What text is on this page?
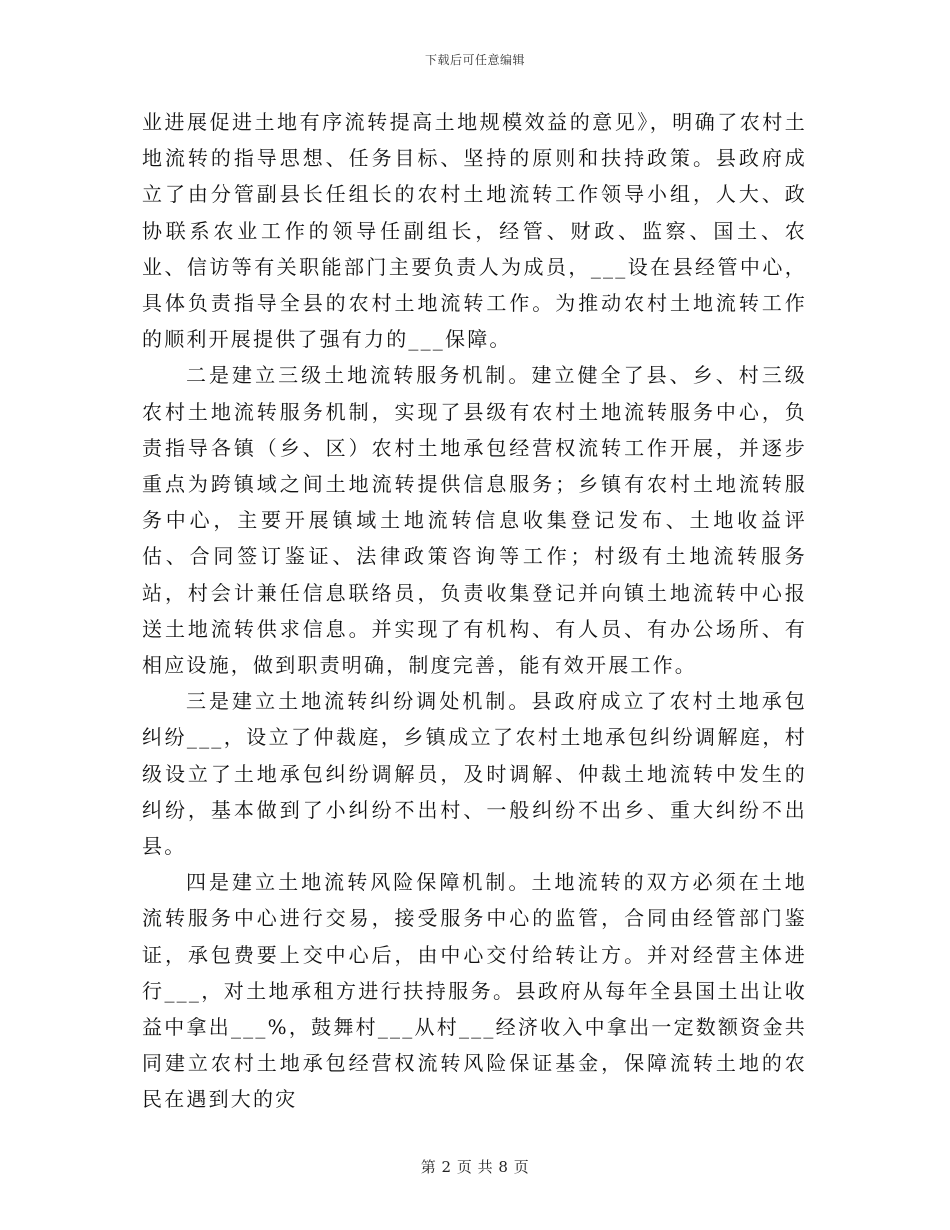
下载后可任意编辑

业进展促进土地有序流转提高土地规模效益的意见》，明确了农村土地流转的指导思想、任务目标、坚持的原则和扶持政策。县政府成立了由分管副县长任组长的农村土地流转工作领导小组，人大、政协联系农业工作的领导任副组长，经管、财政、监察、国土、农业、信访等有关职能部门主要负责人为成员，___设在县经管中心，具体负责指导全县的农村土地流转工作。为推动农村土地流转工作的顺利开展提供了强有力的___保障。

二是建立三级土地流转服务机制。建立健全了县、乡、村三级农村土地流转服务机制，实现了县级有农村土地流转服务中心，负责指导各镇（乡、区）农村土地承包经营权流转工作开展，并逐步重点为跨镇域之间土地流转提供信息服务；乡镇有农村土地流转服务中心，主要开展镇域土地流转信息收集登记发布、土地收益评估、合同签订鉴证、法律政策咨询等工作；村级有土地流转服务站，村会计兼任信息联络员，负责收集登记并向镇土地流转中心报送土地流转供求信息。并实现了有机构、有人员、有办公场所、有相应设施，做到职责明确，制度完善，能有效开展工作。

三是建立土地流转纠纷调处机制。县政府成立了农村土地承包纠纷___，设立了仲裁庭，乡镇成立了农村土地承包纠纷调解庭，村级设立了土地承包纠纷调解员，及时调解、仲裁土地流转中发生的纠纷，基本做到了小纠纷不出村、一般纠纷不出乡、重大纠纷不出县。

四是建立土地流转风险保障机制。土地流转的双方必须在土地流转服务中心进行交易，接受服务中心的监管，合同由经管部门鉴证，承包费要上交中心后，由中心交付给转让方。并对经营主体进行___，对土地承租方进行扶持服务。县政府从每年全县国土出让收益中拿出___%，鼓舞村___从村___经济收入中拿出一定数额资金共同建立农村土地承包经营权流转风险保证基金，保障流转土地的农民在遇到大的灾

第 2 页 共 8 页
